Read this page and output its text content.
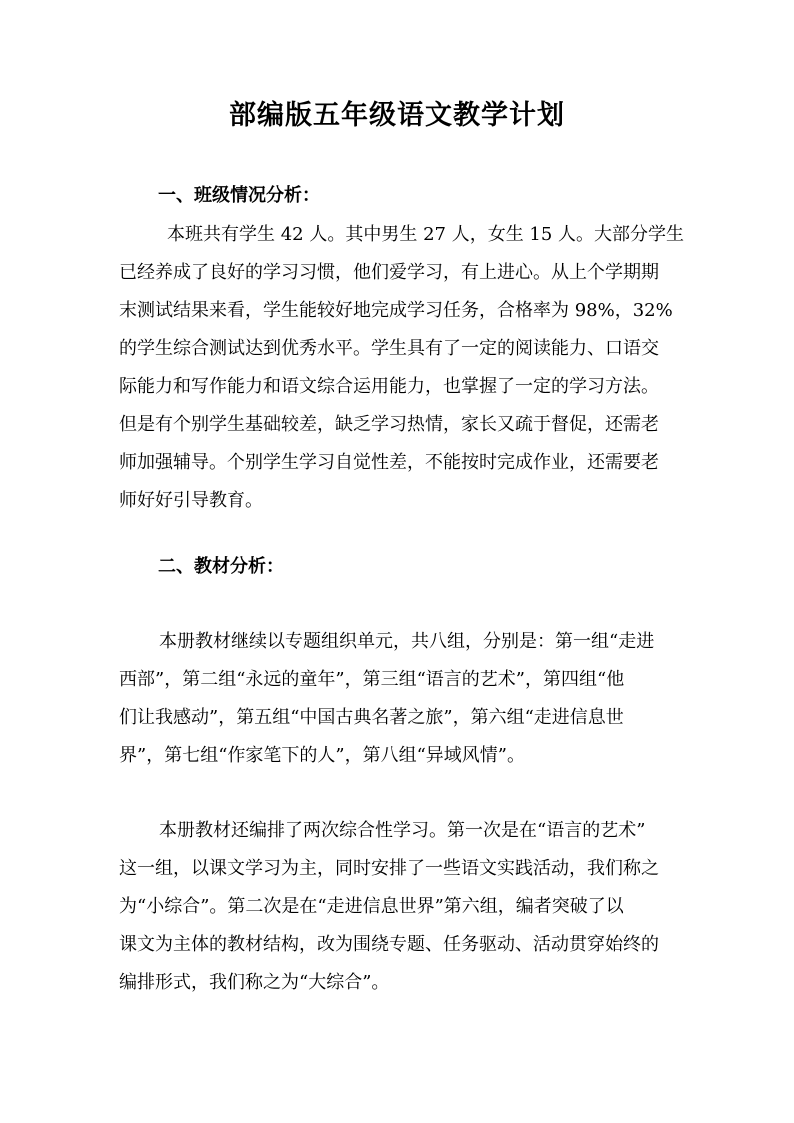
部编版五年级语文教学计划
一、班级情况分析：
本班共有学生 42 人。其中男生 27 人，女生 15 人。大部分学生
已经养成了良好的学习习惯，他们爱学习，有上进心。从上个学期期
末测试结果来看，学生能较好地完成学习任务，合格率为 98%，32%
的学生综合测试达到优秀水平。学生具有了一定的阅读能力、口语交
际能力和写作能力和语文综合运用能力，也掌握了一定的学习方法。
但是有个别学生基础较差，缺乏学习热情，家长又疏于督促，还需老
师加强辅导。个别学生学习自觉性差，不能按时完成作业，还需要老
师好好引导教育。
二、教材分析：
本册教材继续以专题组织单元，共八组，分别是：第一组“走进
西部”，第二组“永远的童年”，第三组“语言的艺术”，第四组“他
们让我感动”，第五组“中国古典名著之旅”，第六组“走进信息世
界”，第七组“作家笔下的人”，第八组“异域风情”。
本册教材还编排了两次综合性学习。第一次是在“语言的艺术”
这一组，以课文学习为主，同时安排了一些语文实践活动，我们称之
为“小综合”。第二次是在“走进信息世界”第六组，编者突破了以
课文为主体的教材结构，改为围绕专题、任务驱动、活动贯穿始终的
编排形式，我们称之为“大综合”。
